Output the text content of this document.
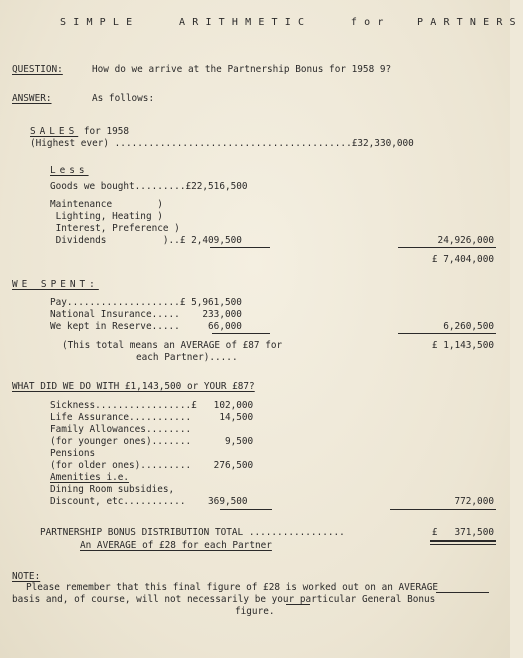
SIMPLE	ARITHMETIC	for	PARTNERS
QUESTION:	How do we arrive at the Partnership Bonus for 1958 9?
ANSWER:	As follows:
SALES for 1958
(Highest ever) ..........................................£32,330,000
Less
Goods we bought.........£22,516,500
Maintenance        )
Lighting, Heating )
Interest, Preference )
Dividends          )..£ 2,409,500	24,926,000
£ 7,404,000
WE SPENT:
Pay....................£ 5,961,500
National Insurance.....    233,000
We kept in Reserve.....     66,000	6,260,500
(This total means an AVERAGE of £87 for
each Partner).....
£ 1,143,500
WHAT DID WE DO WITH £1,143,500 or YOUR £87?
Sickness.................£   102,000
Life Assurance...........     14,500
Family Allowances........
(for younger ones).......      9,500
Pensions
(for older ones).........    276,500
Amenities i.e.
Dining Room subsidies,
Discount, etc...........    369,500	772,000
PARTNERSHIP BONUS DISTRIBUTION TOTAL .................	£   371,500
An AVERAGE of £28 for each Partner
NOTE:
Please remember that this final figure of £28 is worked out on an AVERAGE
basis and, of course, will not necessarily be your particular General Bonus
figure.
